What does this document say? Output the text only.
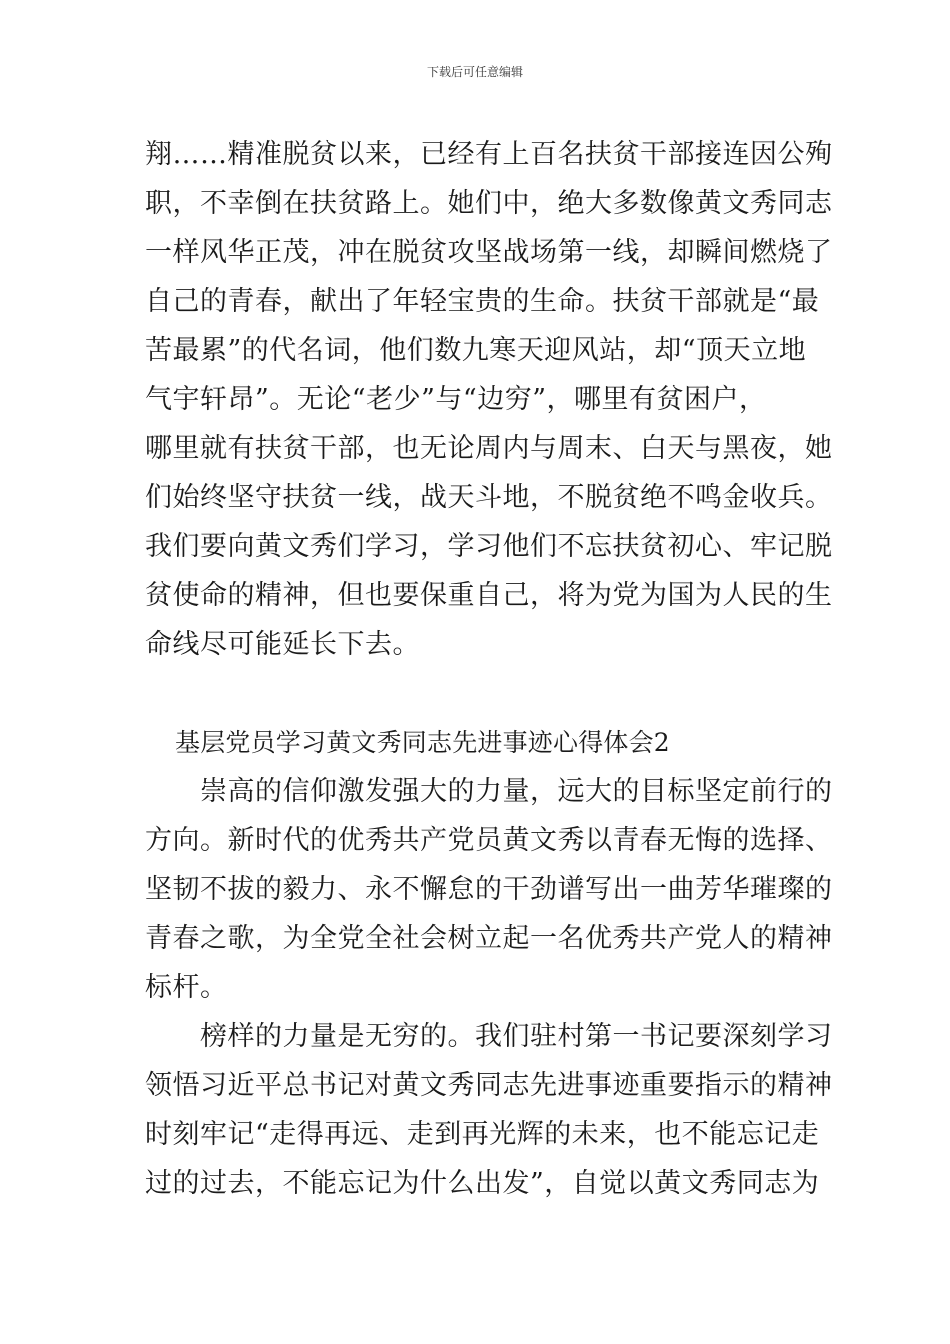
下载后可任意编辑
翔……精准脱贫以来，已经有上百名扶贫干部接连因公殉
职，不幸倒在扶贫路上。她们中，绝大多数像黄文秀同志
一样风华正茂，冲在脱贫攻坚战场第一线，却瞬间燃烧了
自己的青春，献出了年轻宝贵的生命。扶贫干部就是“最
苦最累”的代名词，他们数九寒天迎风站，却“顶天立地
气宇轩昂”。无论“老少”与“边穷”，哪里有贫困户，
哪里就有扶贫干部，也无论周内与周末、白天与黑夜，她
们始终坚守扶贫一线，战天斗地，不脱贫绝不鸣金收兵。
我们要向黄文秀们学习，学习他们不忘扶贫初心、牢记脱
贫使命的精神，但也要保重自己，将为党为国为人民的生
命线尽可能延长下去。
基层党员学习黄文秀同志先进事迹心得体会2
　　崇高的信仰激发强大的力量，远大的目标坚定前行的
方向。新时代的优秀共产党员黄文秀以青春无悔的选择、
坚韧不拔的毅力、永不懈怠的干劲谱写出一曲芳华璀璨的
青春之歌，为全党全社会树立起一名优秀共产党人的精神
标杆。
　　榜样的力量是无穷的。我们驻村第一书记要深刻学习
领悟习近平总书记对黄文秀同志先进事迹重要指示的精神
时刻牢记“走得再远、走到再光辉的未来，也不能忘记走
过的过去，不能忘记为什么出发”，自觉以黄文秀同志为
